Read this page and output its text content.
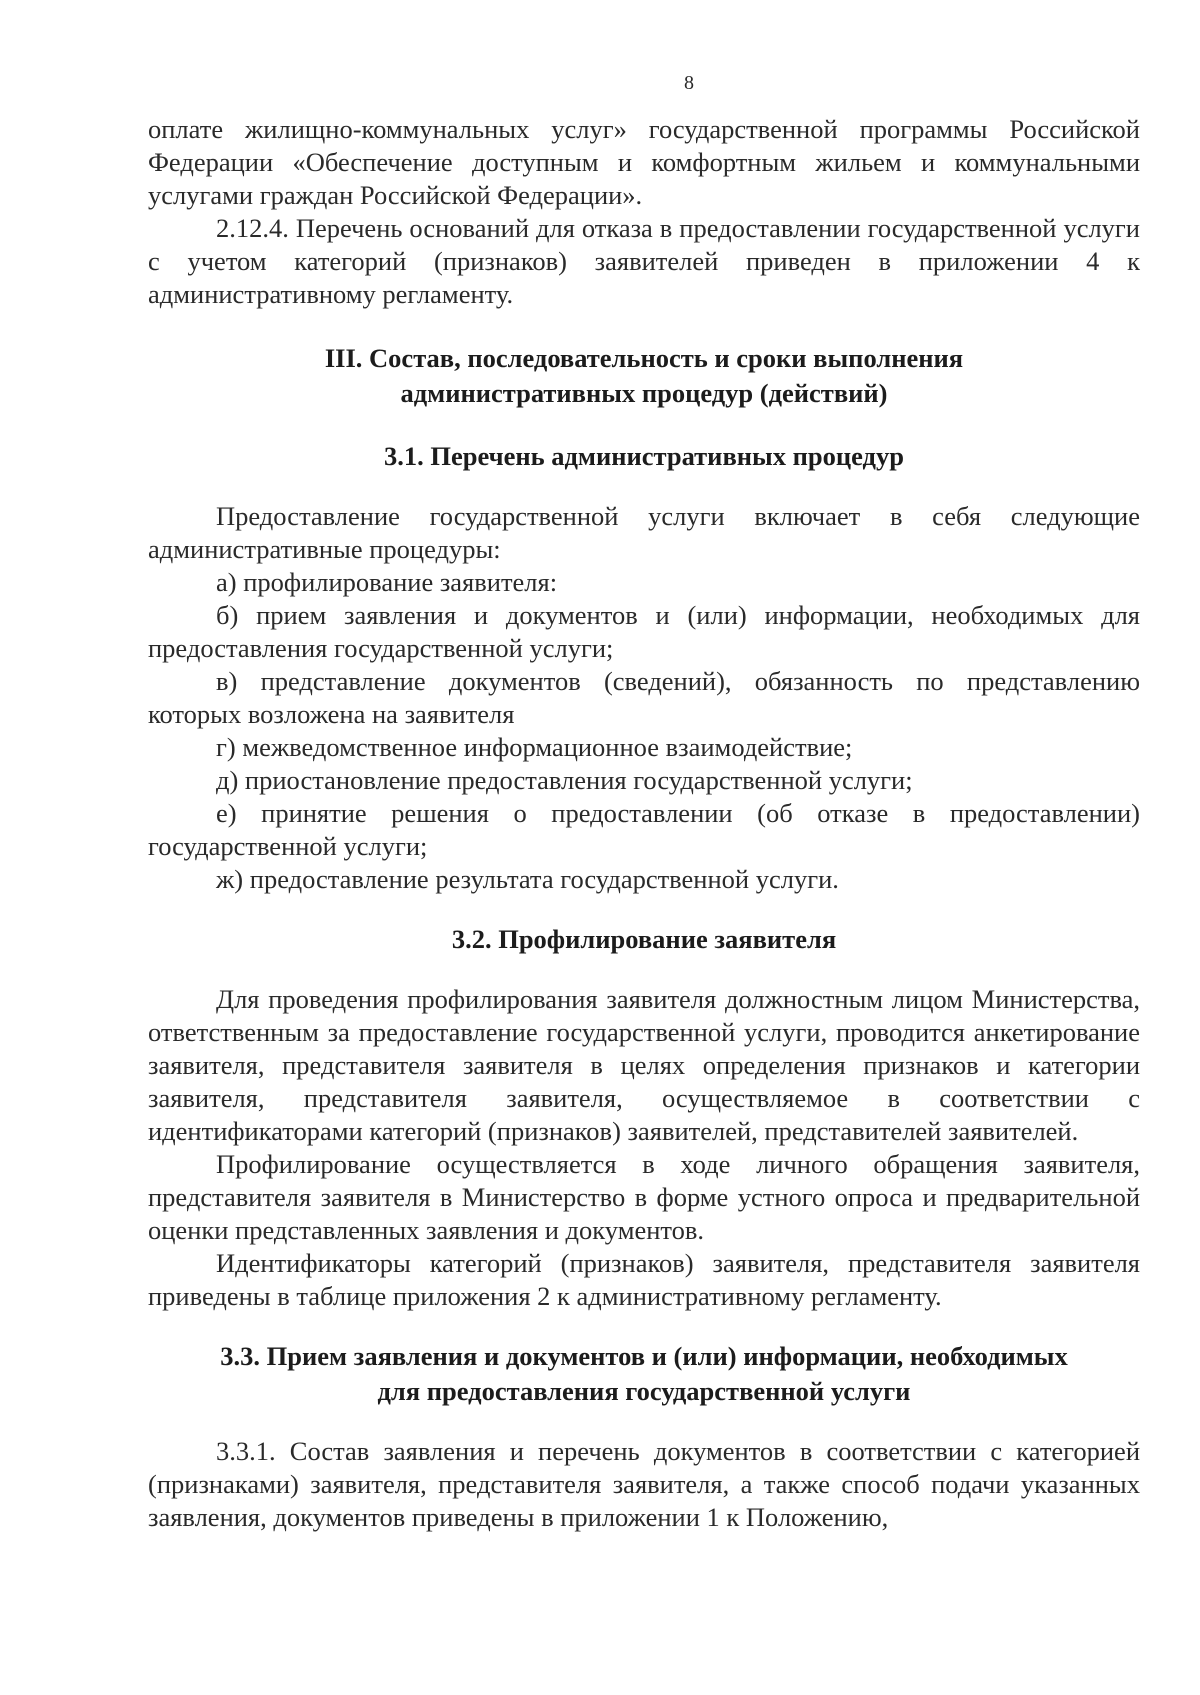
8

оплате жилищно-коммунальных услуг» государственной программы Российской Федерации «Обеспечение доступным и комфортным жильем и коммунальными услугами граждан Российской Федерации».

2.12.4. Перечень оснований для отказа в предоставлении государственной услуги с учетом категорий (признаков) заявителей приведен в приложении 4 к административному регламенту.

III. Состав, последовательность и сроки выполнения
административных процедур (действий)
3.1. Перечень административных процедур

Предоставление государственной услуги включает в себя следующие административные процедуры:

а) профилирование заявителя:

б) прием заявления и документов и (или) информации, необходимых для предоставления государственной услуги;

в) представление документов (сведений), обязанность по представлению которых возложена на заявителя

г) межведомственное информационное взаимодействие;

д) приостановление предоставления государственной услуги;

е) принятие решения о предоставлении (об отказе в предоставлении) государственной услуги;

ж) предоставление результата государственной услуги.

3.2. Профилирование заявителя

Для проведения профилирования заявителя должностным лицом Министерства, ответственным за предоставление государственной услуги, проводится анкетирование заявителя, представителя заявителя в целях определения признаков и категории заявителя, представителя заявителя, осуществляемое в соответствии с идентификаторами категорий (признаков) заявителей, представителей заявителей.

Профилирование осуществляется в ходе личного обращения заявителя, представителя заявителя в Министерство в форме устного опроса и предварительной оценки представленных заявления и документов.

Идентификаторы категорий (признаков) заявителя, представителя заявителя приведены в таблице приложения 2 к административному регламенту.

3.3. Прием заявления и документов и (или) информации, необходимых
для предоставления государственной услуги

3.3.1. Состав заявления и перечень документов в соответствии с категорией (признаками) заявителя, представителя заявителя, а также способ подачи указанных заявления, документов приведены в приложении 1 к Положению,
